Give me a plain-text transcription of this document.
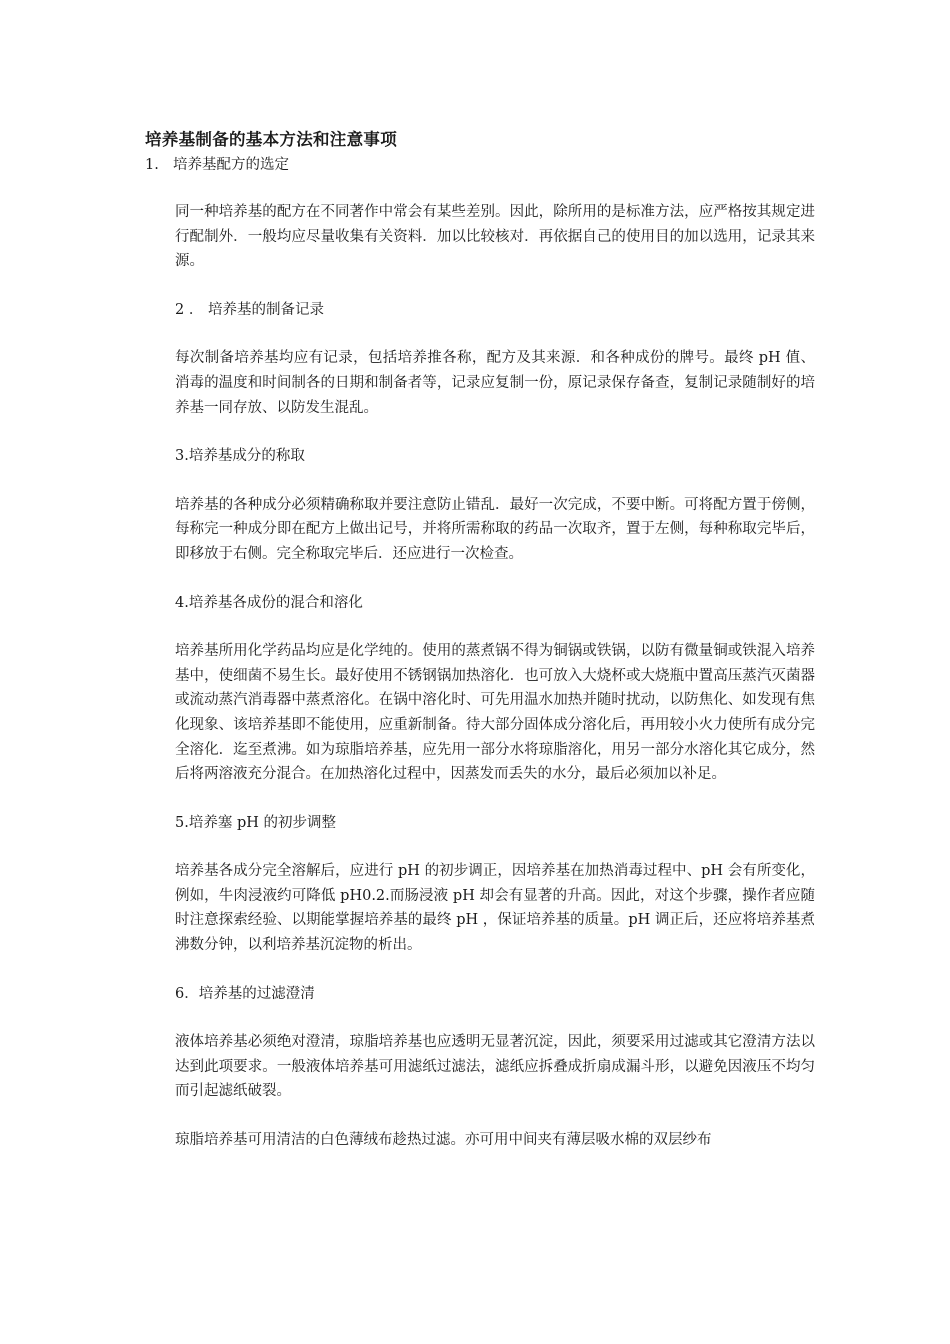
培养基制备的基本方法和注意事项
1. 培养基配方的选定

同一种培养基的配方在不同著作中常会有某些差别。因此，除所用的是标准方法，应严格按其规定进行配制外．一般均应尽量收集有关资料．加以比较核对．再依据自己的使用目的加以选用，记录其来源。

2 ． 培养基的制备记录

每次制备培养基均应有记录，包括培养推各称，配方及其来源．和各种成份的牌号。最终 pH 值、消毒的温度和时间制各的日期和制备者等，记录应复制一份，原记录保存备查，复制记录随制好的培养基一同存放、以防发生混乱。

3.培养基成分的称取

培养基的各种成分必须精确称取并要注意防止错乱．最好一次完成，不要中断。可将配方置于傍侧，每称完一种成分即在配方上做出记号，并将所需称取的药品一次取齐，置于左侧，每种称取完毕后，即移放于右侧。完全称取完毕后．还应进行一次检查。

4.培养基各成份的混合和溶化

培养基所用化学药品均应是化学纯的。使用的蒸煮锅不得为铜锅或铁锅，以防有微量铜或铁混入培养基中，使细菌不易生长。最好使用不锈钢锅加热溶化．也可放入大烧杯或大烧瓶中置高压蒸汽灭菌器或流动蒸汽消毒器中蒸煮溶化。在锅中溶化时、可先用温水加热并随时扰动，以防焦化、如发现有焦化现象、该培养基即不能使用，应重新制备。待大部分固体成分溶化后，再用较小火力使所有成分完全溶化．迄至煮沸。如为琼脂培养基，应先用一部分水将琼脂溶化，用另一部分水溶化其它成分，然后将两溶液充分混合。在加热溶化过程中，因蒸发而丢失的水分，最后必须加以补足。

5.培养塞 pH 的初步调整

培养基各成分完全溶解后，应进行 pH 的初步调正，因培养基在加热消毒过程中、pH 会有所变化，例如，牛肉浸液约可降低 pH0.2.而肠浸液 pH 却会有显著的升高。因此，对这个步骤，操作者应随时注意探索经验、以期能掌握培养基的最终 pH ，保证培养基的质量。pH 调正后，还应将培养基煮沸数分钟，以利培养基沉淀物的析出。

6．培养基的过滤澄清

液体培养基必须绝对澄清，琼脂培养基也应透明无显著沉淀，因此，须要采用过滤或其它澄清方法以达到此项要求。一般液体培养基可用滤纸过滤法，滤纸应拆叠成折扇成漏斗形，以避免因液压不均匀而引起滤纸破裂。

琼脂培养基可用清洁的白色薄绒布趁热过滤。亦可用中间夹有薄层吸水棉的双层纱布
